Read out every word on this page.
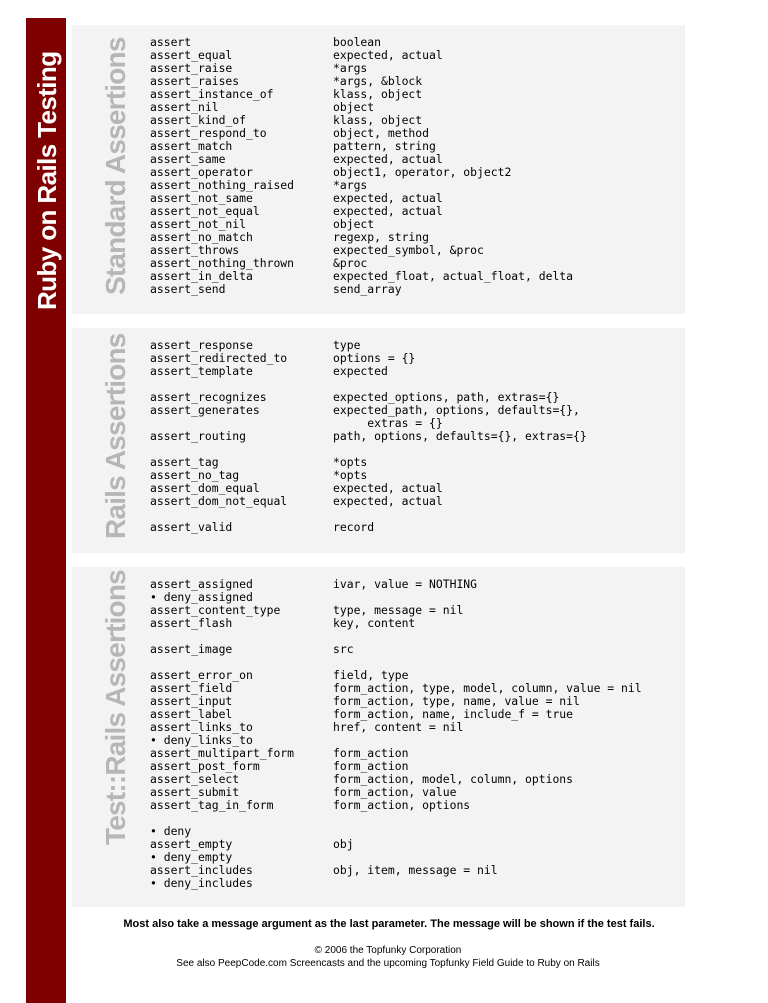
Ruby on Rails Testing Standard Assertions assert	boolean
assert_equal	expected, actual
assert_raise	*args
assert_raises	*args, &block
assert_instance_of	klass, object
assert_nil	object
assert_kind_of	klass, object
assert_respond_to	object, method
assert_match	pattern, string
assert_same	expected, actual
assert_operator	object1, operator, object2
assert_nothing_raised	*args
assert_not_same	expected, actual
assert_not_equal	expected, actual
assert_not_nil	object
assert_no_match	regexp, string
assert_throws	expected_symbol, &proc
assert_nothing_thrown	&proc
assert_in_delta	expected_float, actual_float, delta
assert_send	send_array
Rails Assertions assert_response	type
assert_redirected_to	options = {}
assert_template	expected
assert_recognizes	expected_options, path, extras={}
assert_generates	expected_path, options, defaults={},
extras = {}
assert_routing	path, options, defaults={}, extras={}
assert_tag	*opts
assert_no_tag	*opts
assert_dom_equal	expected, actual
assert_dom_not_equal	expected, actual
assert_valid	record
Test::Rails Assertions assert_assigned	ivar, value = NOTHING
• deny_assigned
assert_content_type	type, message = nil
assert_flash	key, content
assert_image	src
assert_error_on	field, type
assert_field	form_action, type, model, column, value = nil
assert_input	form_action, type, name, value = nil
assert_label	form_action, name, include_f = true
assert_links_to	href, content = nil
• deny_links_to
assert_multipart_form	form_action
assert_post_form	form_action
assert_select	form_action, model, column, options
assert_submit	form_action, value
assert_tag_in_form	form_action, options
• deny
assert_empty	obj
• deny_empty
assert_includes	obj, item, message = nil
• deny_includes
Most also take a message argument as the last parameter. The message will be shown if the test fails.
© 2006 the Topfunky Corporation
See also PeepCode.com Screencasts and the upcoming Topfunky Field Guide to Ruby on Rails
